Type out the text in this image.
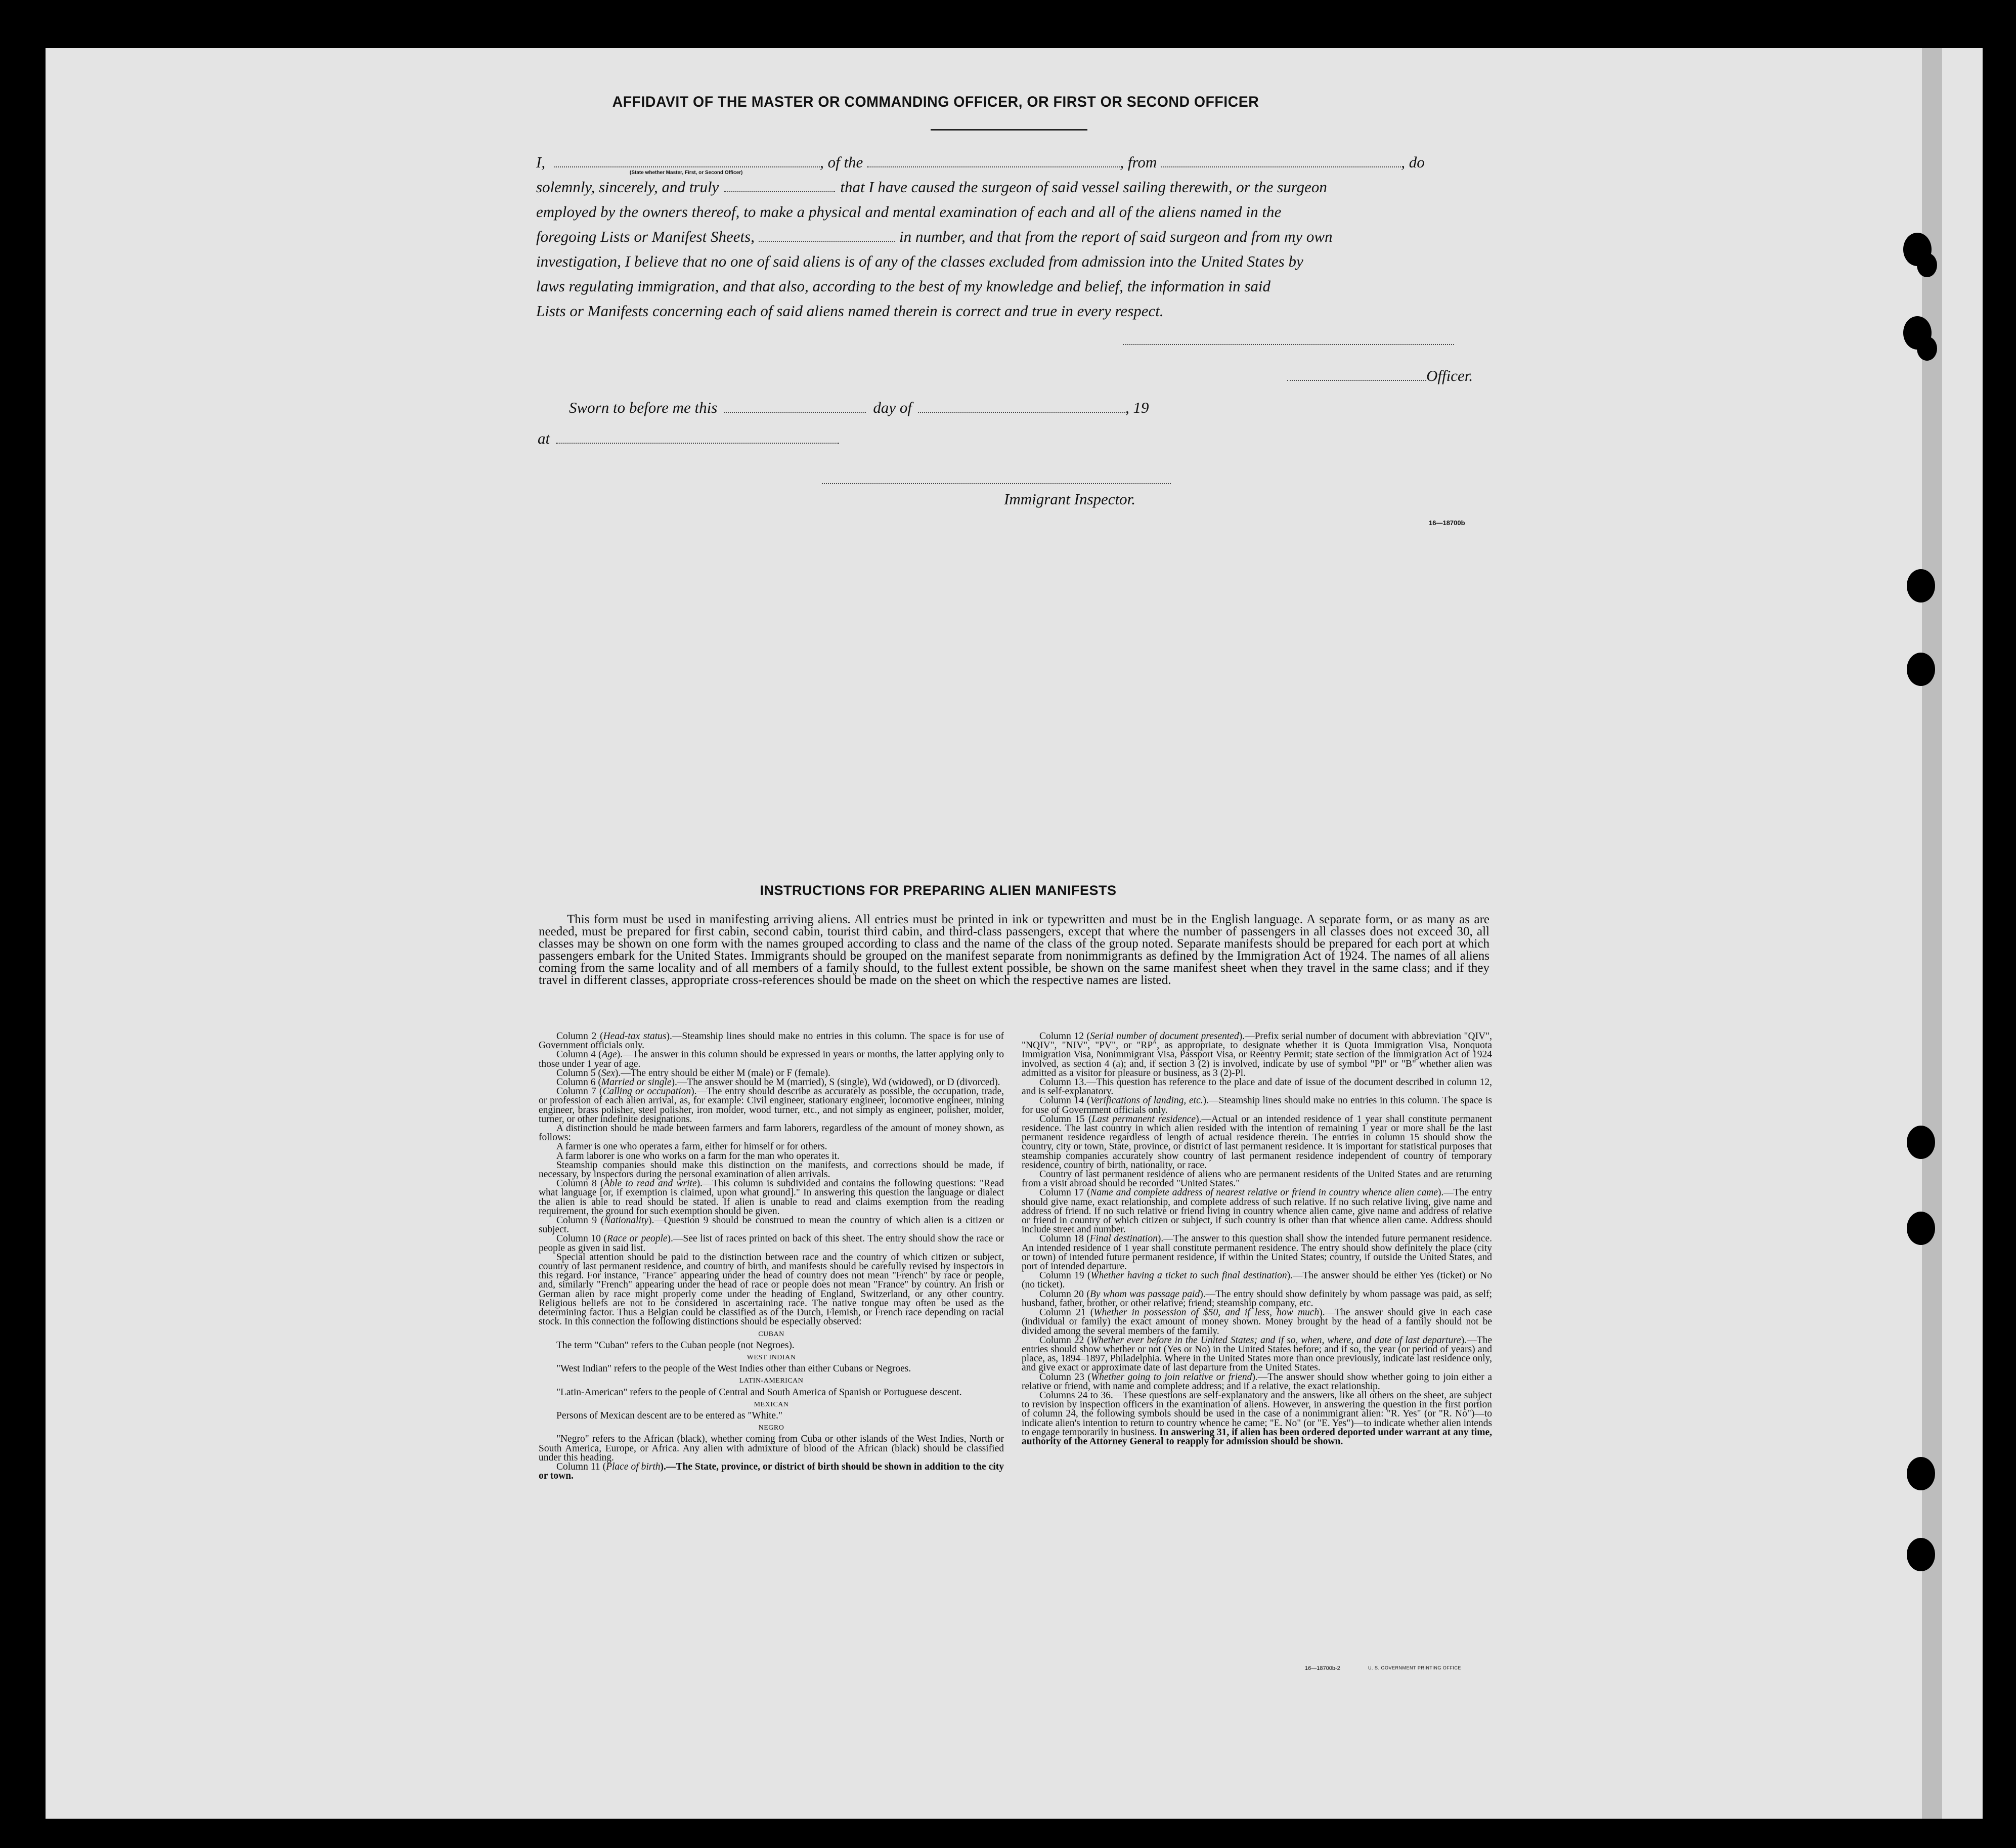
AFFIDAVIT OF THE MASTER OR COMMANDING OFFICER, OR FIRST OR SECOND OFFICER
I,	, of the	, from	, do
(State whether Master, First, or Second Officer)
solemnly, sincerely, and truly	that I have caused the surgeon of said vessel sailing therewith, or the surgeon
employed by the owners thereof, to make a physical and mental examination of each and all of the aliens named in the
foregoing Lists or Manifest Sheets,	in number, and that from the report of said surgeon and from my own
investigation, I believe that no one of said aliens is of any of the classes excluded from admission into the United States by
laws regulating immigration, and that also, according to the best of my knowledge and belief, the information in said
Lists or Manifests concerning each of said aliens named therein is correct and true in every respect.
Officer.
Sworn to before me this	day of	, 19
at
Immigrant Inspector.
16—18700b
INSTRUCTIONS FOR PREPARING ALIEN MANIFESTS
This form must be used in manifesting arriving aliens. All entries must be printed in ink or typewritten and must be in the English language. A separate form, or as many as are needed, must be prepared for first cabin, second cabin, tourist third cabin, and third-class passengers, except that where the number of passengers in all classes does not exceed 30, all classes may be shown on one form with the names grouped according to class and the name of the class of the group noted. Separate manifests should be prepared for each port at which passengers embark for the United States. Immigrants should be grouped on the manifest separate from nonimmigrants as defined by the Immigration Act of 1924. The names of all aliens coming from the same locality and of all members of a family should, to the fullest extent possible, be shown on the same manifest sheet when they travel in the same class; and if they travel in different classes, appropriate cross-references should be made on the sheet on which the respective names are listed.

Column 2 (Head-tax status).—Steamship lines should make no entries in this column. The space is for use of Government officials only.

Column 4 (Age).—The answer in this column should be expressed in years or months, the latter applying only to those under 1 year of age.

Column 5 (Sex).—The entry should be either M (male) or F (female).

Column 6 (Married or single).—The answer should be M (married), S (single), Wd (widowed), or D (divorced).

Column 7 (Calling or occupation).—The entry should describe as accurately as possible, the occupation, trade, or profession of each alien arrival, as, for example: Civil engineer, stationary engineer, locomotive engineer, mining engineer, brass polisher, steel polisher, iron molder, wood turner, etc., and not simply as engineer, polisher, molder, turner, or other indefinite designations.

A distinction should be made between farmers and farm laborers, regardless of the amount of money shown, as follows:

A farmer is one who operates a farm, either for himself or for others.

A farm laborer is one who works on a farm for the man who operates it.

Steamship companies should make this distinction on the manifests, and corrections should be made, if necessary, by inspectors during the personal examination of alien arrivals.

Column 8 (Able to read and write).—This column is subdivided and contains the following questions: "Read what language [or, if exemption is claimed, upon what ground]." In answering this question the language or dialect the alien is able to read should be stated. If alien is unable to read and claims exemption from the reading requirement, the ground for such exemption should be given.

Column 9 (Nationality).—Question 9 should be construed to mean the country of which alien is a citizen or subject.

Column 10 (Race or people).—See list of races printed on back of this sheet. The entry should show the race or people as given in said list.

Special attention should be paid to the distinction between race and the country of which citizen or subject, country of last permanent residence, and country of birth, and manifests should be carefully revised by inspectors in this regard. For instance, "France" appearing under the head of country does not mean "French" by race or people, and, similarly "French" appearing under the head of race or people does not mean "France" by country. An Irish or German alien by race might properly come under the heading of England, Switzerland, or any other country. Religious beliefs are not to be considered in ascertaining race. The native tongue may often be used as the determining factor. Thus a Belgian could be classified as of the Dutch, Flemish, or French race depending on racial stock. In this connection the following distinctions should be especially observed:

CUBAN

The term "Cuban" refers to the Cuban people (not Negroes).

WEST INDIAN

"West Indian" refers to the people of the West Indies other than either Cubans or Negroes.

LATIN-AMERICAN

"Latin-American" refers to the people of Central and South America of Spanish or Portuguese descent.

MEXICAN

Persons of Mexican descent are to be entered as "White."

NEGRO

"Negro" refers to the African (black), whether coming from Cuba or other islands of the West Indies, North or South America, Europe, or Africa. Any alien with admixture of blood of the African (black) should be classified under this heading.

Column 11 (Place of birth).—The State, province, or district of birth should be shown in addition to the city or town.

Column 12 (Serial number of document presented).—Prefix serial number of document with abbreviation "QIV", "NQIV", "NIV", "PV", or "RP", as appropriate, to designate whether it is Quota Immigration Visa, Nonquota Immigration Visa, Nonimmigrant Visa, Passport Visa, or Reentry Permit; state section of the Immigration Act of 1924 involved, as section 4 (a); and, if section 3 (2) is involved, indicate by use of symbol "Pl" or "B" whether alien was admitted as a visitor for pleasure or business, as 3 (2)-Pl.

Column 13.—This question has reference to the place and date of issue of the document described in column 12, and is self-explanatory.

Column 14 (Verifications of landing, etc.).—Steamship lines should make no entries in this column. The space is for use of Government officials only.

Column 15 (Last permanent residence).—Actual or an intended residence of 1 year shall constitute permanent residence. The last country in which alien resided with the intention of remaining 1 year or more shall be the last permanent residence regardless of length of actual residence therein. The entries in column 15 should show the country, city or town, State, province, or district of last permanent residence. It is important for statistical purposes that steamship companies accurately show country of last permanent residence independent of country of temporary residence, country of birth, nationality, or race.

Country of last permanent residence of aliens who are permanent residents of the United States and are returning from a visit abroad should be recorded "United States."

Column 17 (Name and complete address of nearest relative or friend in country whence alien came).—The entry should give name, exact relationship, and complete address of such relative. If no such relative living, give name and address of friend. If no such relative or friend living in country whence alien came, give name and address of relative or friend in country of which citizen or subject, if such country is other than that whence alien came. Address should include street and number.

Column 18 (Final destination).—The answer to this question shall show the intended future permanent residence. An intended residence of 1 year shall constitute permanent residence. The entry should show definitely the place (city or town) of intended future permanent residence, if within the United States; country, if outside the United States, and port of intended departure.

Column 19 (Whether having a ticket to such final destination).—The answer should be either Yes (ticket) or No (no ticket).

Column 20 (By whom was passage paid).—The entry should show definitely by whom passage was paid, as self; husband, father, brother, or other relative; friend; steamship company, etc.

Column 21 (Whether in possession of $50, and if less, how much).—The answer should give in each case (individual or family) the exact amount of money shown. Money brought by the head of a family should not be divided among the several members of the family.

Column 22 (Whether ever before in the United States; and if so, when, where, and date of last departure).—The entries should show whether or not (Yes or No) in the United States before; and if so, the year (or period of years) and place, as, 1894–1897, Philadelphia. Where in the United States more than once previously, indicate last residence only, and give exact or approximate date of last departure from the United States.

Column 23 (Whether going to join relative or friend).—The answer should show whether going to join either a relative or friend, with name and complete address; and if a relative, the exact relationship.

Columns 24 to 36.—These questions are self-explanatory and the answers, like all others on the sheet, are subject to revision by inspection officers in the examination of aliens. However, in answering the question in the first portion of column 24, the following symbols should be used in the case of a nonimmigrant alien: "R. Yes" (or "R. No")—to indicate alien's intention to return to country whence he came; "E. No" (or "E. Yes")—to indicate whether alien intends to engage temporarily in business. In answering 31, if alien has been ordered deported under warrant at any time, authority of the Attorney General to reapply for admission should be shown.

16—18700b-2	U. S. GOVERNMENT PRINTING OFFICE
